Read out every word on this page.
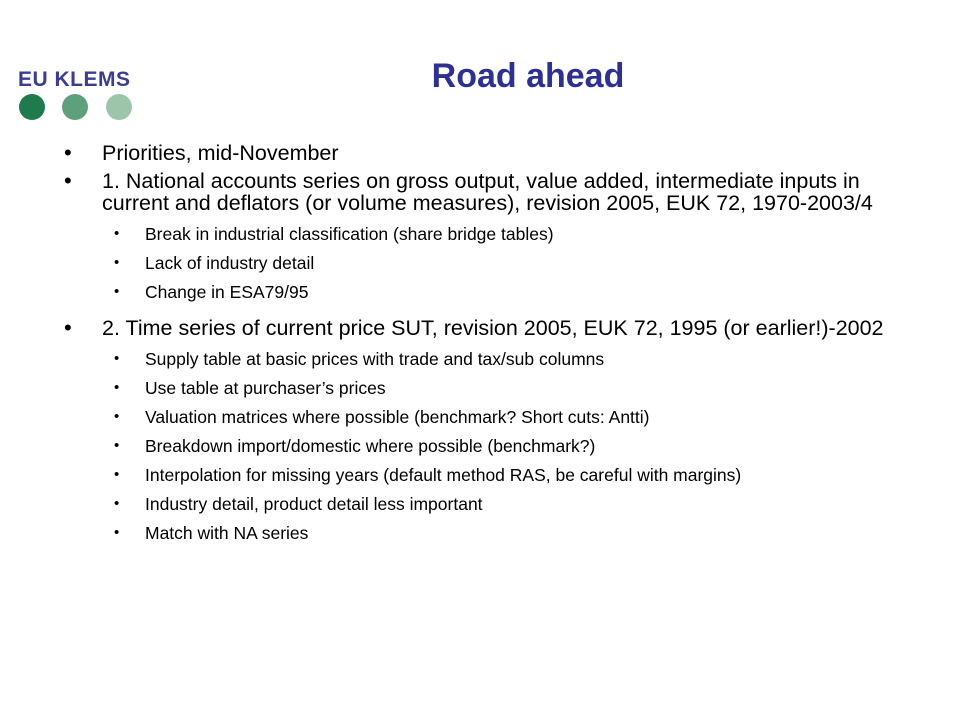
EU KLEMS	Road ahead
• Priorities, mid-November
• 1. National accounts series on gross output, value added, intermediate inputs in current and deflators (or volume measures), revision 2005, EUK 72, 1970-2003/4
• Break in industrial classification (share bridge tables)
• Lack of industry detail
• Change in ESA79/95
• 2. Time series of current price SUT, revision 2005, EUK 72, 1995 (or earlier!)-2002
• Supply table at basic prices with trade and tax/sub columns
• Use table at purchaser’s prices
• Valuation matrices where possible (benchmark? Short cuts: Antti)
• Breakdown import/domestic where possible (benchmark?)
• Interpolation for missing years (default method RAS, be careful with margins)
• Industry detail, product detail less important
• Match with NA series
